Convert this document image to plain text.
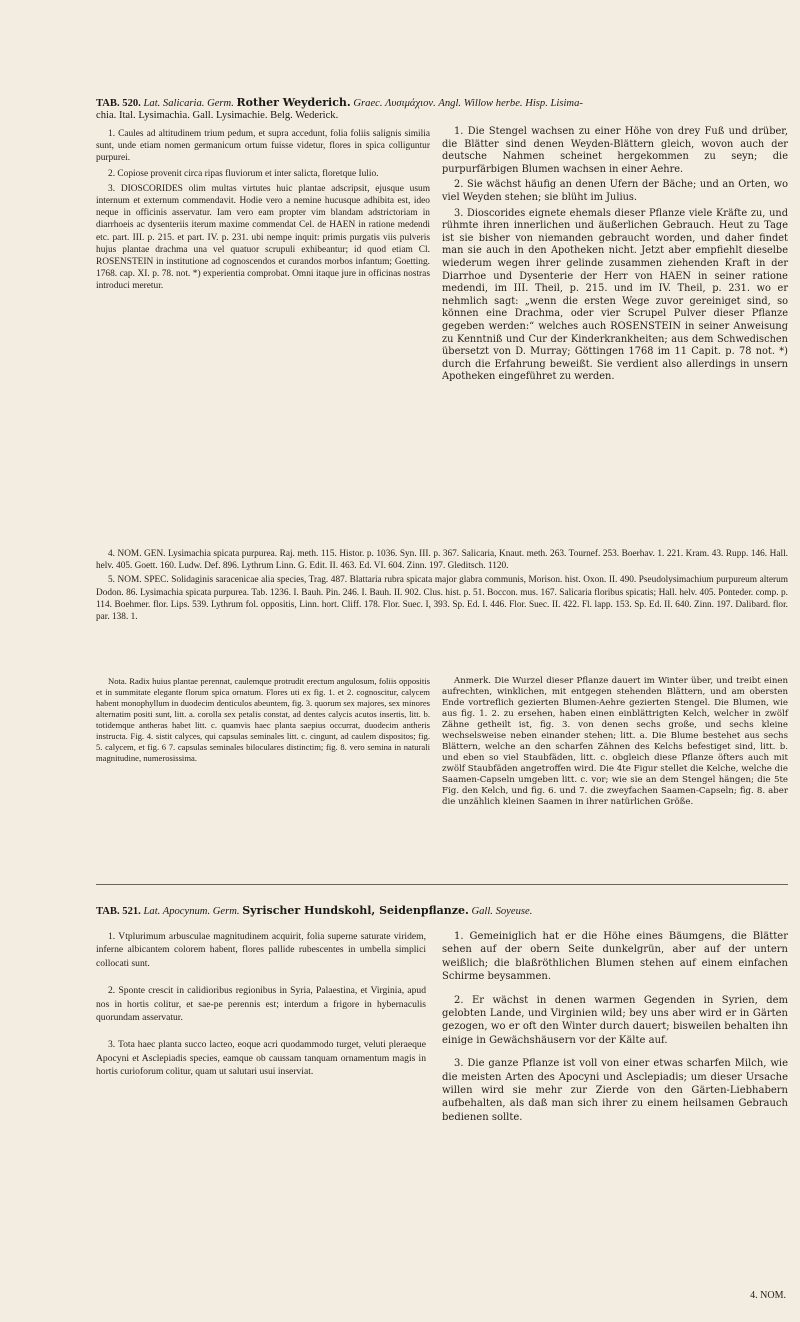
TAB. 520. Lat. Salicaria. Germ. Rother Weyderich. Graec. Λυσιμάχιον. Angl. Willow herbe. Hisp. Lisima-
chia. Ital. Lysimachia. Gall. Lysimachie. Belg. Wederick.

1. Caules ad altitudinem trium pedum, et supra accedunt, folia foliis salignis similia sunt, unde etiam nomen germanicum ortum fuisse videtur, flores in spica colliguntur purpurei.

2. Copiose provenit circa ripas fluviorum et inter salicta, floretque Iulio.

3. DIOSCORIDES olim multas virtutes huic plantae adscripsit, ejusque usum internum et externum commendavit. Hodie vero a nemine hucusque adhibita est, ideo neque in officinis asservatur. Iam vero eam propter vim blandam adstrictoriam in diarrhoeis ac dysenteriis iterum maxime commendat Cel. de HAEN in ratione medendi etc. part. III. p. 215. et part. IV. p. 231. ubi nempe inquit: primis purgatis viis pulveris hujus plantae drachma una vel quatuor scrupuli exhibeantur; id quod etiam Cl. ROSENSTEIN in institutione ad cognoscendos et curandos morbos infantum; Goetting. 1768. cap. XI. p. 78. not. *) experientia comprobat. Omni itaque jure in officinas nostras introduci meretur.

1. Die Stengel wachsen zu einer Höhe von drey Fuß und drüber, die Blätter sind denen Weyden-Blättern gleich, wovon auch der deutsche Nahmen scheinet hergekommen zu seyn; die purpurfärbigen Blumen wachsen in einer Aehre.

2. Sie wächst häufig an denen Ufern der Bäche; und an Orten, wo viel Weyden stehen; sie blüht im Julius.

3. Dioscorides eignete ehemals dieser Pflanze viele Kräfte zu, und rühmte ihren innerlichen und äußerlichen Gebrauch. Heut zu Tage ist sie bisher von niemanden gebraucht worden, und daher findet man sie auch in den Apotheken nicht. Jetzt aber empfiehlt dieselbe wiederum wegen ihrer gelinde zusammen ziehenden Kraft in der Diarrhoe und Dysenterie der Herr von HAEN in seiner ratione medendi, im III. Theil, p. 215. und im IV. Theil, p. 231. wo er nehmlich sagt: „wenn die ersten Wege zuvor gereiniget sind, so können eine Drachma, oder vier Scrupel Pulver dieser Pflanze gegeben werden:“ welches auch ROSENSTEIN in seiner Anweisung zu Kenntniß und Cur der Kinderkrankheiten; aus dem Schwedischen übersetzt von D. Murray; Göttingen 1768 im 11 Capit. p. 78 not. *) durch die Erfahrung beweißt. Sie verdient also allerdings in unsern Apotheken eingeführet zu werden.

4. NOM. GEN. Lysimachia spicata purpurea. Raj. meth. 115. Histor. p. 1036. Syn. III. p. 367. Salicaria, Knaut. meth. 263. Tournef. 253. Boerhav. 1. 221. Kram. 43. Rupp. 146. Hall. helv. 405. Goett. 160. Ludw. Def. 896. Lythrum Linn. G. Edit. II. 463. Ed. VI. 604. Zinn. 197. Gleditsch. 1120.

5. NOM. SPEC. Solidaginis saracenicae alia species, Trag. 487. Blattaria rubra spicata major glabra communis, Morison. hist. Oxon. II. 490. Pseudolysimachium purpureum alterum Dodon. 86. Lysimachia spicata purpurea. Tab. 1236. I. Bauh. Pin. 246. I. Bauh. II. 902. Clus. hist. p. 51. Boccon. mus. 167. Salicaria floribus spicatis; Hall. helv. 405. Ponteder. comp. p. 114. Boehmer. flor. Lips. 539. Lythrum fol. oppositis, Linn. hort. Cliff. 178. Flor. Suec. I, 393. Sp. Ed. I. 446. Flor. Suec. II. 422. Fl. lapp. 153. Sp. Ed. II. 640. Zinn. 197. Dalibard. flor. par. 138. 1.

Nota. Radix huius plantae perennat, caulemque protrudit erectum angulosum, foliis oppositis et in summitate elegante florum spica ornatum. Flores uti ex fig. 1. et 2. cognoscitur, calycem habent monophyllum in duodecim denticulos abeuntem, fig. 3. quorum sex majores, sex minores alternatim positi sunt, litt. a. corolla sex petalis constat, ad dentes calycis acutos insertis, litt. b. totidemque antheras habet litt. c. quamvis haec planta saepius occurrat, duodecim antheris instructa. Fig. 4. sistit calyces, qui capsulas seminales litt. c. cingunt, ad caulem dispositos; fig. 5. calycem, et fig. 6 7. capsulas seminales biloculares distinctim; fig. 8. vero semina in naturali magnitudine, numerosissima.

Anmerk. Die Wurzel dieser Pflanze dauert im Winter über, und treibt einen aufrechten, winklichen, mit entgegen stehenden Blättern, und am obersten Ende vortreflich gezierten Blumen-Aehre gezierten Stengel. Die Blumen, wie aus fig. 1. 2. zu ersehen, haben einen einblättrigten Kelch, welcher in zwölf Zähne getheilt ist, fig. 3. von denen sechs große, und sechs kleine wechselsweise neben einander stehen; litt. a. Die Blume bestehet aus sechs Blättern, welche an den scharfen Zähnen des Kelchs befestiget sind, litt. b. und eben so viel Staubfäden, litt. c. obgleich diese Pflanze öfters auch mit zwölf Staubfäden angetroffen wird. Die 4te Figur stellet die Kelche, welche die Saamen-Capseln umgeben litt. c. vor; wie sie an dem Stengel hängen; die 5te Fig. den Kelch, und fig. 6. und 7. die zweyfachen Saamen-Capseln; fig. 8. aber die unzählich kleinen Saamen in ihrer natürlichen Größe.

TAB. 521. Lat. Apocynum. Germ. Syrischer Hundskohl, Seidenpflanze. Gall. Soyeuse.

1. Vtplurimum arbusculae magnitudinem acquirit, folia superne saturate viridem, inferne albicantem colorem habent, flores pallide rubescentes in umbella simplici collocati sunt.

2. Sponte crescit in calidioribus regionibus in Syria, Palaestina, et Virginia, apud nos in hortis colitur, et sae-pe perennis est; interdum a frigore in hybernaculis quorundam asservatur.

3. Tota haec planta succo lacteo, eoque acri quodammodo turget, veluti pleraeque Apocyni et Asclepiadis species, eamque ob caussam tanquam ornamentum magis in hortis curioforum colitur, quam ut salutari usui inserviat.

1. Gemeiniglich hat er die Höhe eines Bäumgens, die Blätter sehen auf der obern Seite dunkelgrün, aber auf der untern weißlich; die blaßröthlichen Blumen stehen auf einem einfachen Schirme beysammen.

2. Er wächst in denen warmen Gegenden in Syrien, dem gelobten Lande, und Virginien wild; bey uns aber wird er in Gärten gezogen, wo er oft den Winter durch dauert; bisweilen behalten ihn einige in Gewächshäusern vor der Kälte auf.

3. Die ganze Pflanze ist voll von einer etwas scharfen Milch, wie die meisten Arten des Apocyni und Asclepiadis; um dieser Ursache willen wird sie mehr zur Zierde von den Gärten-Liebhabern aufbehalten, als daß man sich ihrer zu einem heilsamen Gebrauch bedienen sollte.

4. NOM.
